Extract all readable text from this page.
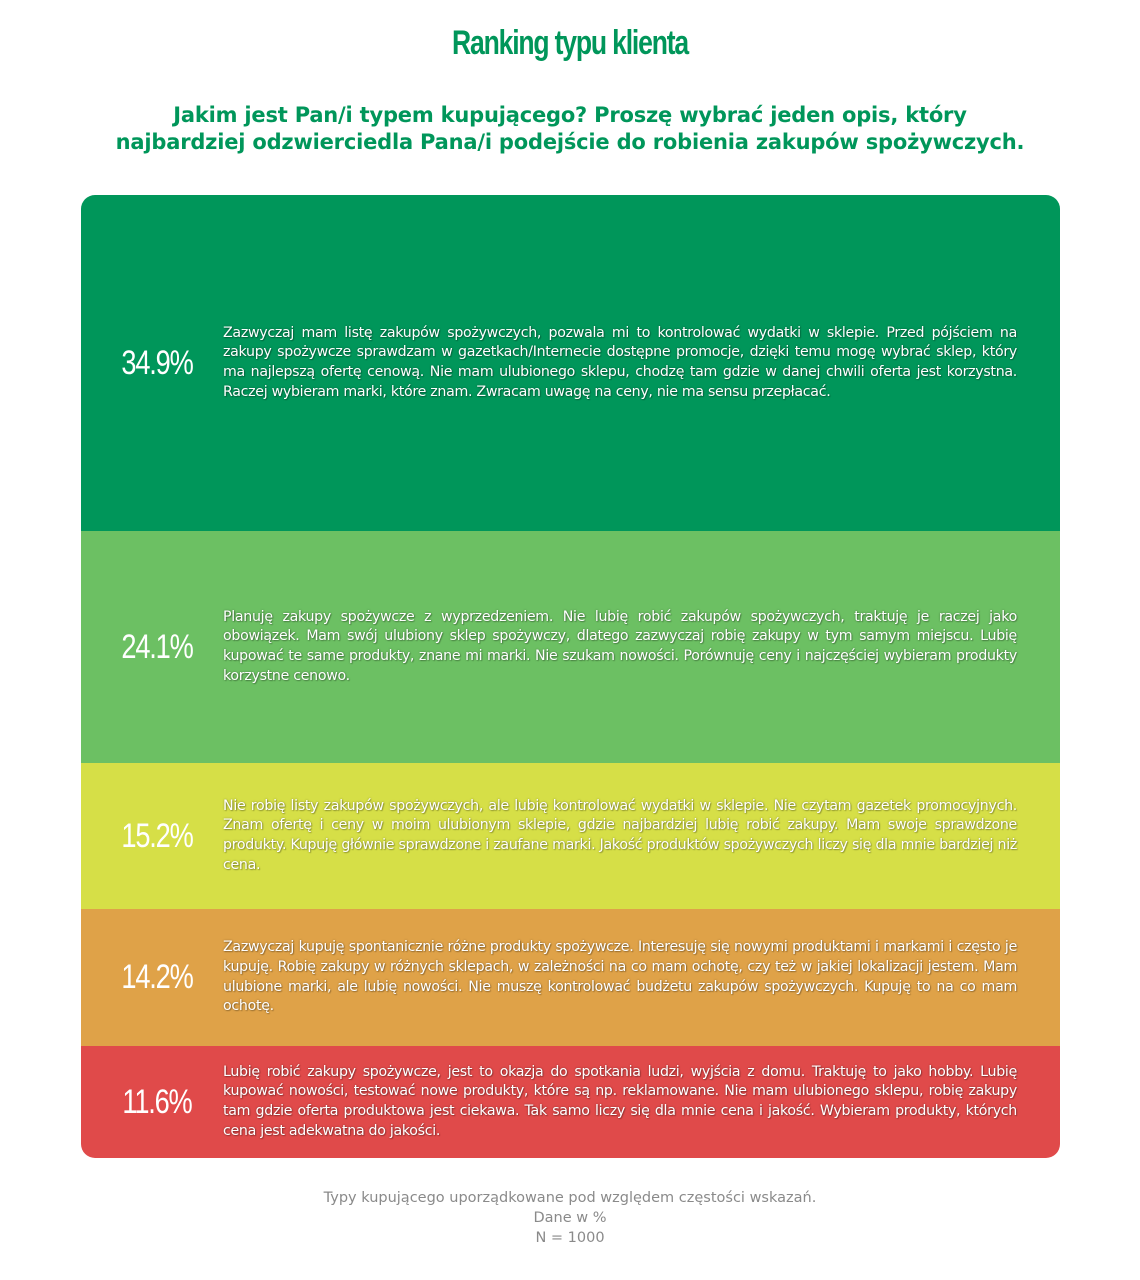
Ranking typu klienta

Jakim jest Pan/i typem kupującego? Proszę wybrać jeden opis, który najbardziej odzwierciedla Pana/i podejście do robienia zakupów spożywczych.

34.9%
Zazwyczaj mam listę zakupów spożywczych, pozwala mi to kontrolować wydatki w sklepie. Przed pójściem na zakupy spożywcze sprawdzam w gazetkach/Internecie dostępne promocje, dzięki temu mogę wybrać sklep, który ma najlepszą ofertę cenową. Nie mam ulubionego sklepu, chodzę tam gdzie w danej chwili oferta jest korzystna. Raczej wybieram marki, które znam. Zwracam uwagę na ceny, nie ma sensu przepłacać.
24.1%
Planuję zakupy spożywcze z wyprzedzeniem. Nie lubię robić zakupów spożywczych, traktuję je raczej jako obowiązek. Mam swój ulubiony sklep spożywczy, dlatego zazwyczaj robię zakupy w tym samym miejscu. Lubię kupować te same produkty, znane mi marki. Nie szukam nowości. Porównuję ceny i najczęściej wybieram produkty korzystne cenowo.
15.2%
Nie robię listy zakupów spożywczych, ale lubię kontrolować wydatki w sklepie. Nie czytam gazetek promocyjnych. Znam ofertę i ceny w moim ulubionym sklepie, gdzie najbardziej lubię robić zakupy. Mam swoje sprawdzone produkty. Kupuję głównie sprawdzone i zaufane marki. Jakość produktów spożywczych liczy się dla mnie bardziej niż cena.
14.2%
Zazwyczaj kupuję spontanicznie różne produkty spożywcze. Interesuję się nowymi produktami i markami i często je kupuję. Robię zakupy w różnych sklepach, w zależności na co mam ochotę, czy też w jakiej lokalizacji jestem. Mam ulubione marki, ale lubię nowości. Nie muszę kontrolować budżetu zakupów spożywczych. Kupuję to na co mam ochotę.
11.6%
Lubię robić zakupy spożywcze, jest to okazja do spotkania ludzi, wyjścia z domu. Traktuję to jako hobby. Lubię kupować nowości, testować nowe produkty, które są np. reklamowane. Nie mam ulubionego sklepu, robię zakupy tam gdzie oferta produktowa jest ciekawa. Tak samo liczy się dla mnie cena i jakość. Wybieram produkty, których cena jest adekwatna do jakości.
Typy kupującego uporządkowane pod względem częstości wskazań.
Dane w %
N = 1000
